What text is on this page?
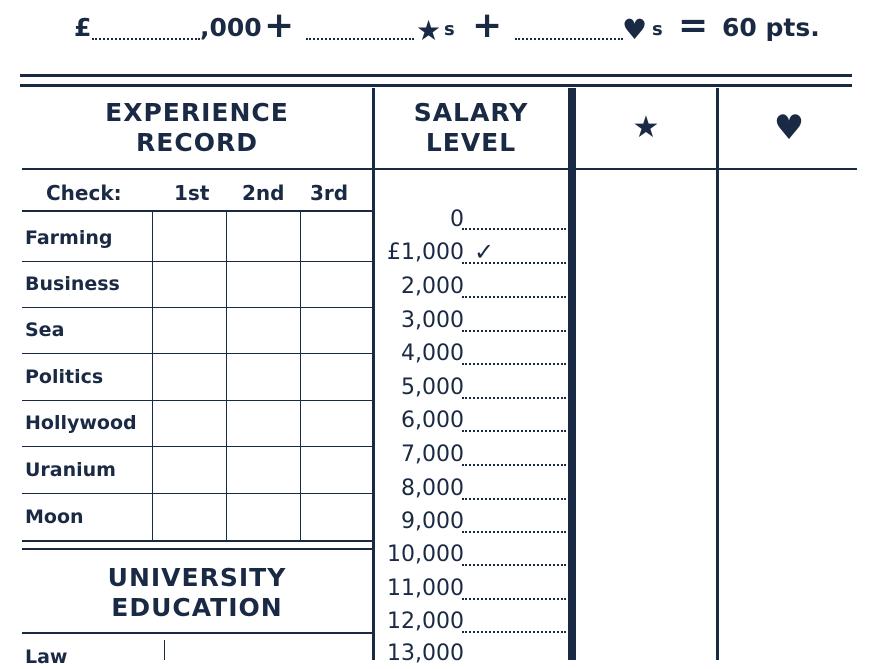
£	,000 +	★ s +	♥ s = 60 pts.
EXPERIENCE
RECORD
SALARY
LEVEL	★	♥
Check:	1st 2nd 3rd
Farming
Business
Sea
Politics
Hollywood
Uranium
Moon
UNIVERSITY
EDUCATION
Law
0
£1,000 ✓
2,000
3,000
4,000
5,000
6,000
7,000
8,000
9,000
10,000
11,000
12,000
13,000
